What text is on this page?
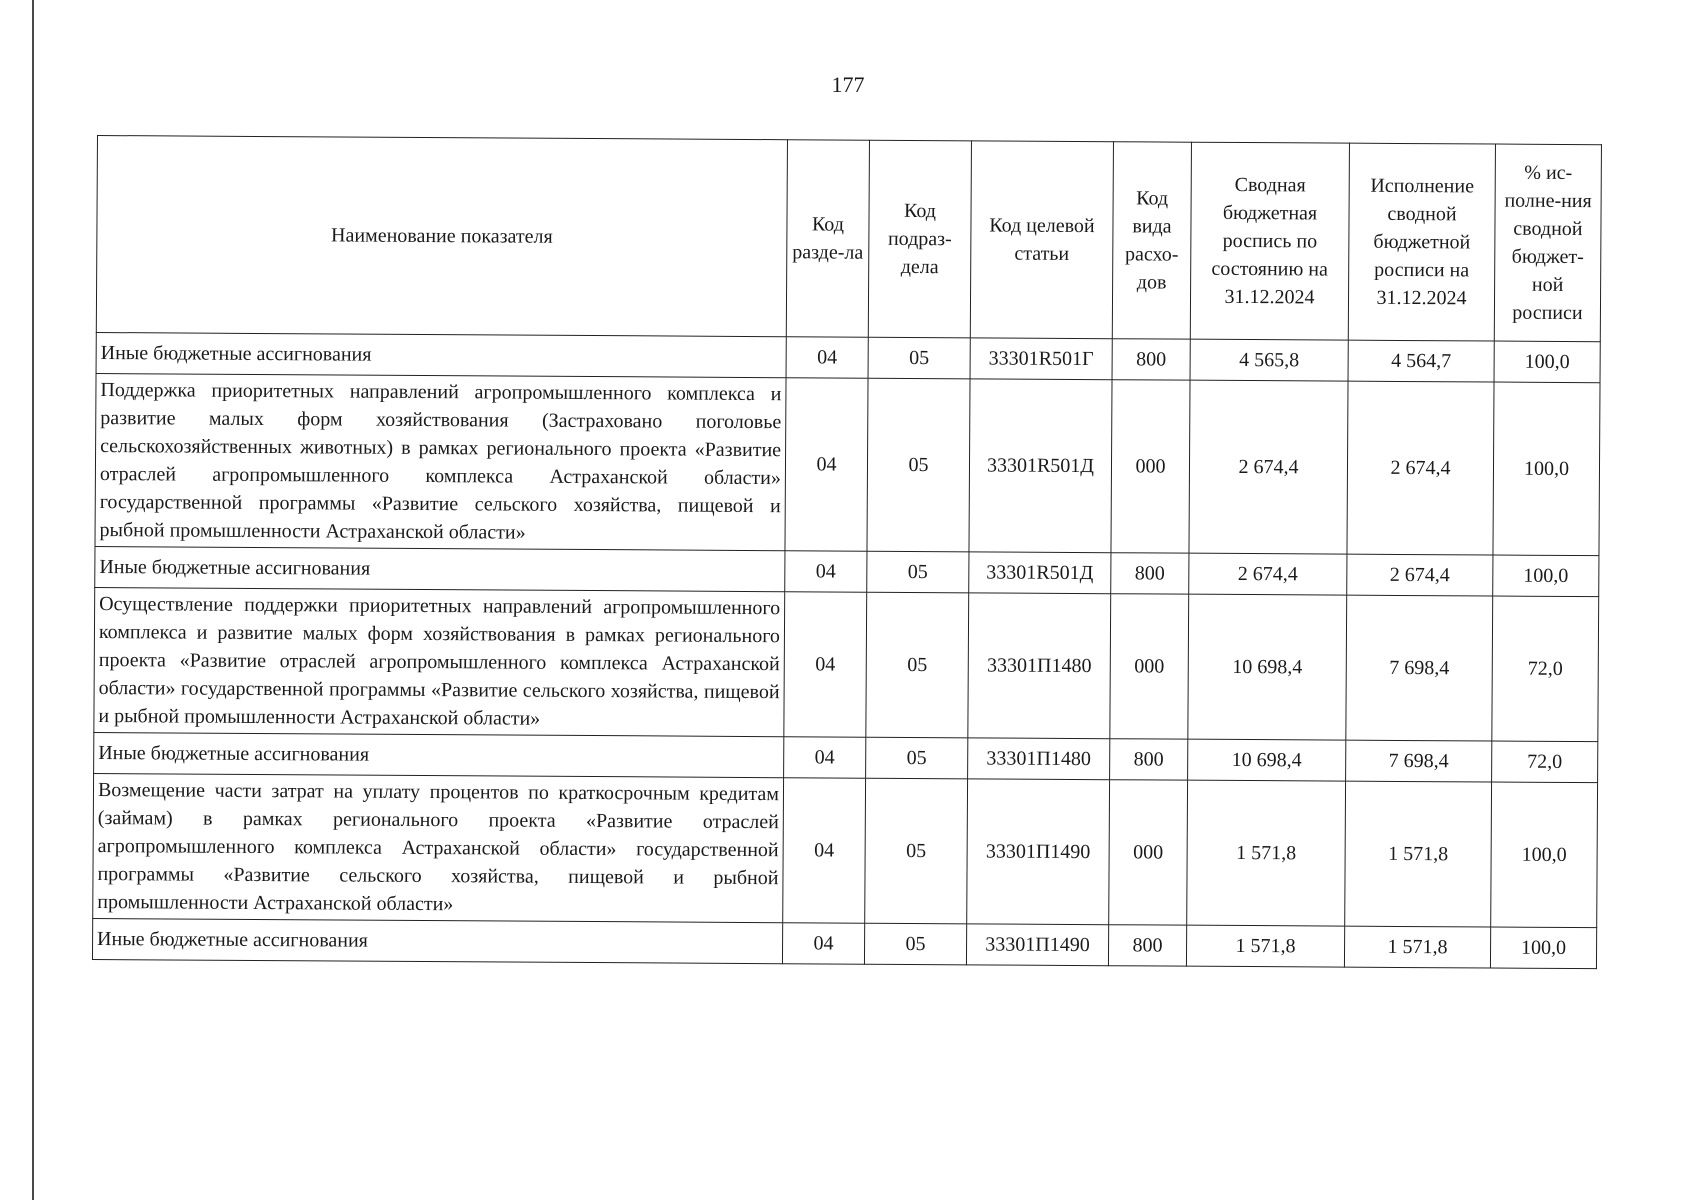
177
Наименование показателя	Код разде-ла	Код подраз-дела	Код целевой статьи	Код вида расхо-дов	Сводная бюджетная роспись по состоянию на 31.12.2024	Исполнение сводной бюджетной росписи на 31.12.2024	% ис-полне-ния сводной бюджет-ной росписи
Иные бюджетные ассигнования	04	05	33301R501Г	800	4 565,8	4 564,7	100,0
Поддержка приоритетных направлений агропромышленного комплекса и развитие малых форм хозяйствования (Застраховано поголовье сельскохозяйственных животных) в рамках регионального проекта «Развитие отраслей агропромышленного комплекса Астраханской области» государственной программы «Развитие сельского хозяйства, пищевой и рыбной промышленности Астраханской области»	04	05	33301R501Д	000	2 674,4	2 674,4	100,0
Иные бюджетные ассигнования	04	05	33301R501Д	800	2 674,4	2 674,4	100,0
Осуществление поддержки приоритетных направлений агропромышленного комплекса и развитие малых форм хозяйствования в рамках регионального проекта «Развитие отраслей агропромышленного комплекса Астраханской области» государственной программы «Развитие сельского хозяйства, пищевой и рыбной промышленности Астраханской области»	04	05	33301П1480	000	10 698,4	7 698,4	72,0
Иные бюджетные ассигнования	04	05	33301П1480	800	10 698,4	7 698,4	72,0
Возмещение части затрат на уплату процентов по краткосрочным кредитам (займам) в рамках регионального проекта «Развитие отраслей агропромышленного комплекса Астраханской области» государственной программы «Развитие сельского хозяйства, пищевой и рыбной промышленности Астраханской области»	04	05	33301П1490	000	1 571,8	1 571,8	100,0
Иные бюджетные ассигнования	04	05	33301П1490	800	1 571,8	1 571,8	100,0
